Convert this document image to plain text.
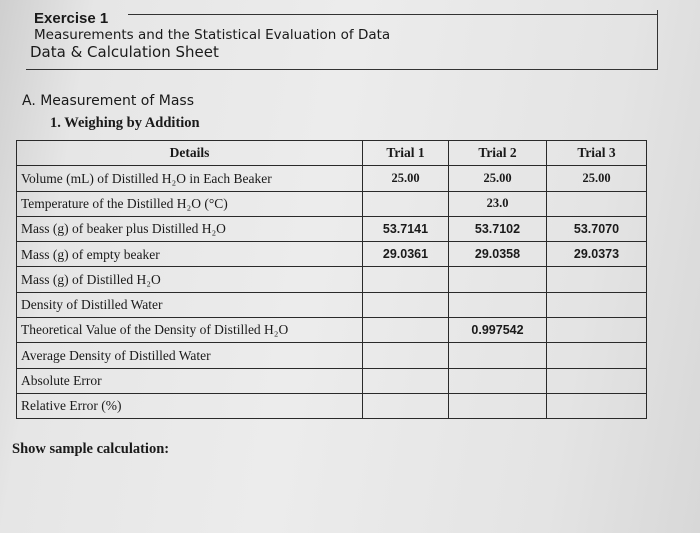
Exercise 1
Measurements and the Statistical Evaluation of Data
Data & Calculation Sheet
A. Measurement of Mass
1. Weighing by Addition
Details	Trial 1	Trial 2	Trial 3
Volume (mL) of Distilled H₂O in Each Beaker	25.00	25.00	25.00
Temperature of the Distilled H₂O (°C)		23.0	
Mass (g) of beaker plus Distilled H₂O	53.7141	53.7102	53.7070
Mass (g) of empty beaker	29.0361	29.0358	29.0373
Mass (g) of Distilled H₂O			
Density of Distilled Water			
Theoretical Value of the Density of Distilled H₂O		0.997542	
Average Density of Distilled Water			
Absolute Error			
Relative Error (%)			
Show sample calculation:
